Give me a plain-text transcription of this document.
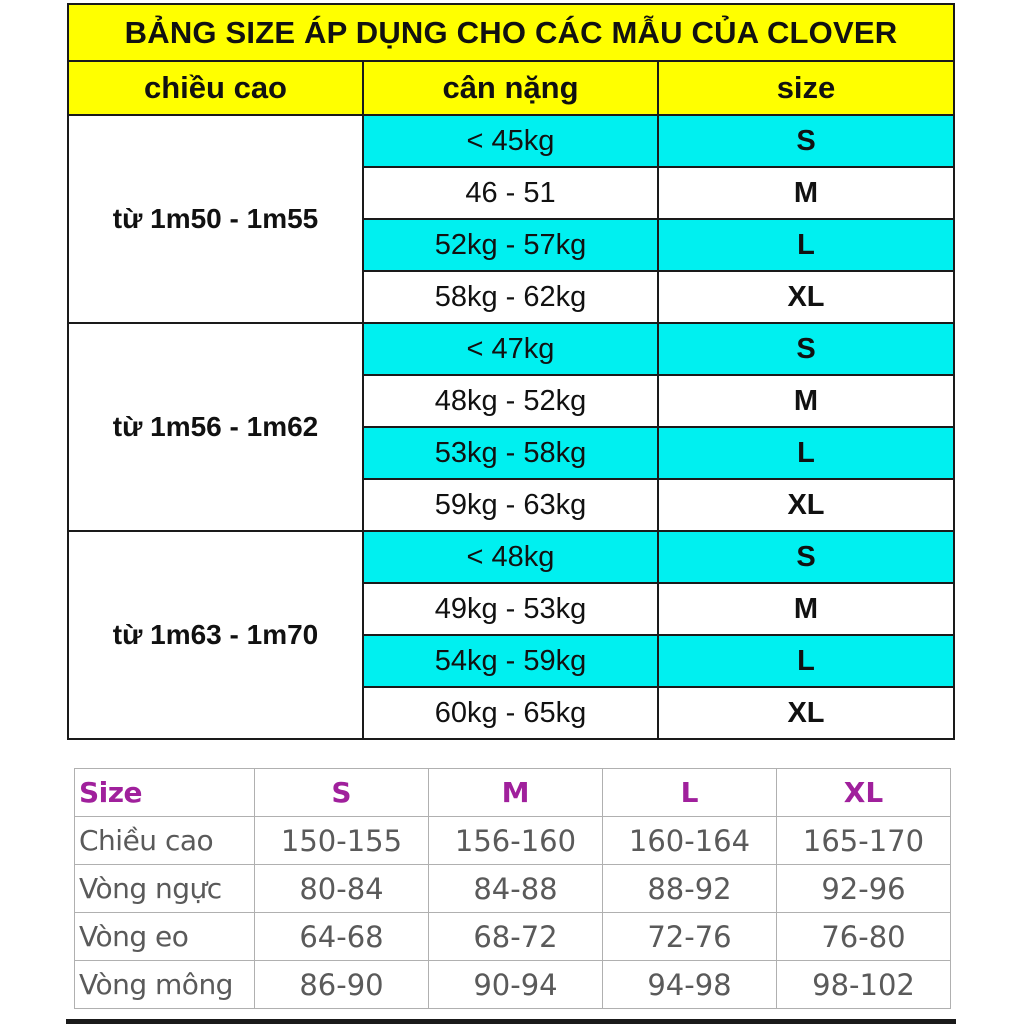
BẢNG SIZE ÁP DỤNG CHO CÁC MẪU CỦA CLOVER		
chiều cao	cân nặng	size
từ 1m50 - 1m55	< 45kg	S
	46 - 51	M
	52kg - 57kg	L
	58kg - 62kg	XL
từ 1m56 - 1m62	< 47kg	S
	48kg - 52kg	M
	53kg - 58kg	L
	59kg - 63kg	XL
từ 1m63 - 1m70	< 48kg	S
	49kg - 53kg	M
	54kg - 59kg	L
	60kg - 65kg	XL
Size	S	M	L	XL
Chiều cao	150-155	156-160	160-164	165-170
Vòng ngực	80-84	84-88	88-92	92-96
Vòng eo	64-68	68-72	72-76	76-80
Vòng mông	86-90	90-94	94-98	98-102
